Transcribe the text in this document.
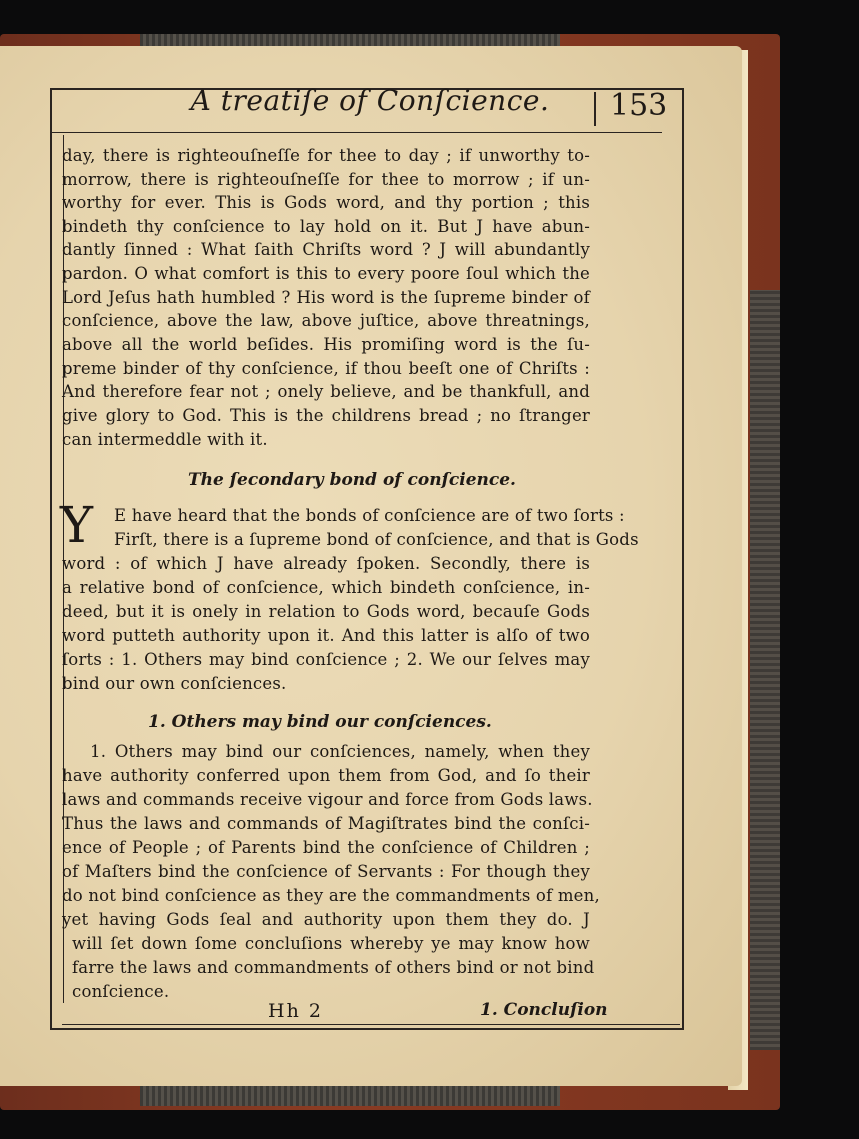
A treatiſe of Conſcience.	153
day, there is righteouſneſſe for thee to day ; if unworthy to-
morrow, there is righteouſneſſe for thee to morrow ; if un-
worthy for ever. This is Gods word, and thy portion ; this
bindeth thy conſcience to lay hold on it. But J have abun-
dantly ſinned : What ſaith Chriſts word ? J will abundantly
pardon. O what comfort is this to every poore ſoul which the
Lord Jeſus hath humbled ? His word is the ſupreme binder of
conſcience, above the law, above juſtice, above threatnings,
above all the world beſides. His promiſing word is the ſu-
preme binder of thy conſcience, if thou beeſt one of Chriſts :
And therefore fear not ; onely believe, and be thankfull, and
give glory to God. This is the childrens bread ; no ſtranger
can intermeddle with it.
The ſecondary bond of conſcience.
Y E have heard that the bonds of conſcience are of two ſorts :
Firſt, there is a ſupreme bond of conſcience, and that is Gods
word : of which J have already ſpoken. Secondly, there is
a relative bond of conſcience, which bindeth conſcience, in-
deed, but it is onely in relation to Gods word, becauſe Gods
word putteth authority upon it. And this latter is alſo of two
ſorts : 1. Others may bind conſcience ; 2. We our ſelves may
bind our own conſciences.
1. Others may bind our conſciences.
1. Others may bind our conſciences, namely, when they
have authority conferred upon them from God, and ſo their
laws and commands receive vigour and force from Gods laws.
Thus the laws and commands of Magiſtrates bind the conſci-
ence of People ; of Parents bind the conſcience of Children ;
of Maſters bind the conſcience of Servants : For though they
do not bind conſcience as they are the commandments of men,
yet having Gods ſeal and authority upon them they do. J
will ſet down ſome concluſions whereby ye may know how
farre the laws and commandments of others bind or not bind
conſcience.
Hh 2	1. Concluſion
